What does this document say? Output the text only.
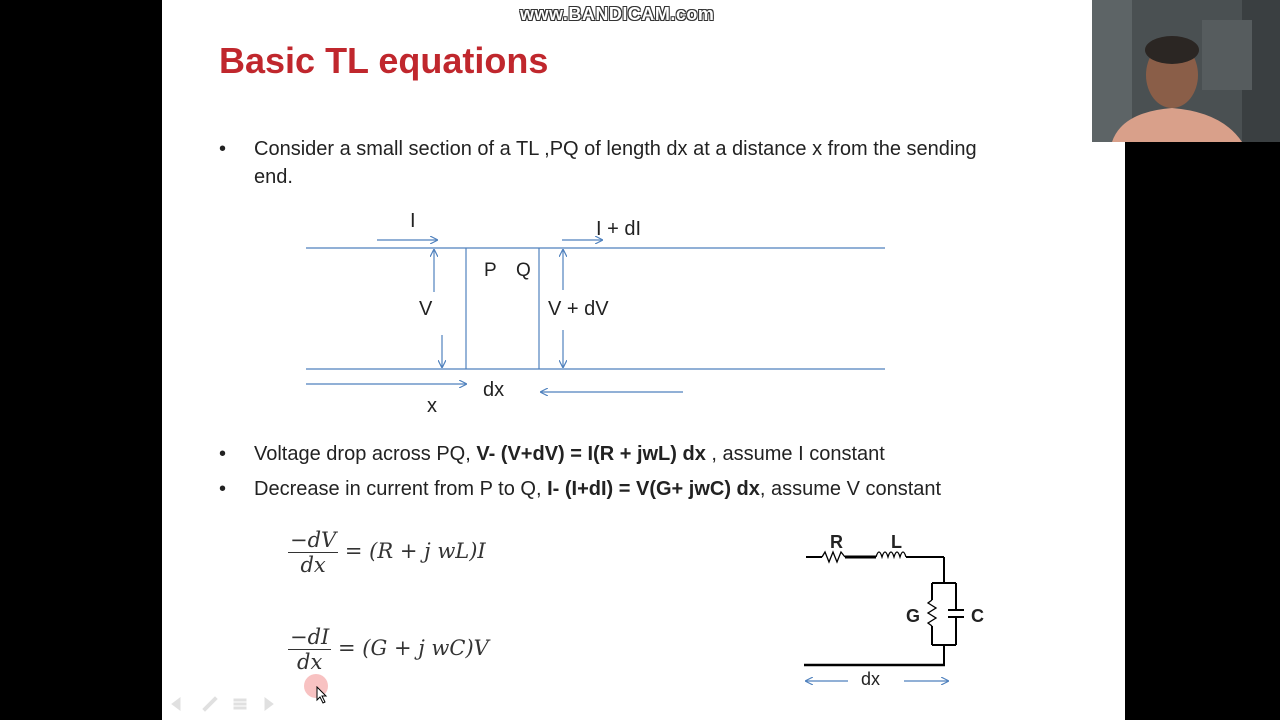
Basic TL equations
• Consider a small section of a TL ,PQ of length dx at a distance x from the sending
end.
I	I + dI
P Q
V	V + dV
dx
x
R	L
G	C
dx
• Voltage drop across PQ, V- (V+dV) = I(R + jwL) dx , assume I constant
• Decrease in current from P to Q, I- (I+dI) = V(G+ jwC) dx, assume V constant
$\frac{-dV}{dx} = (R + j$ wL)I
$\frac{-dI}{dx} = (G + j$ wC)V
www.BANDICAM.com
